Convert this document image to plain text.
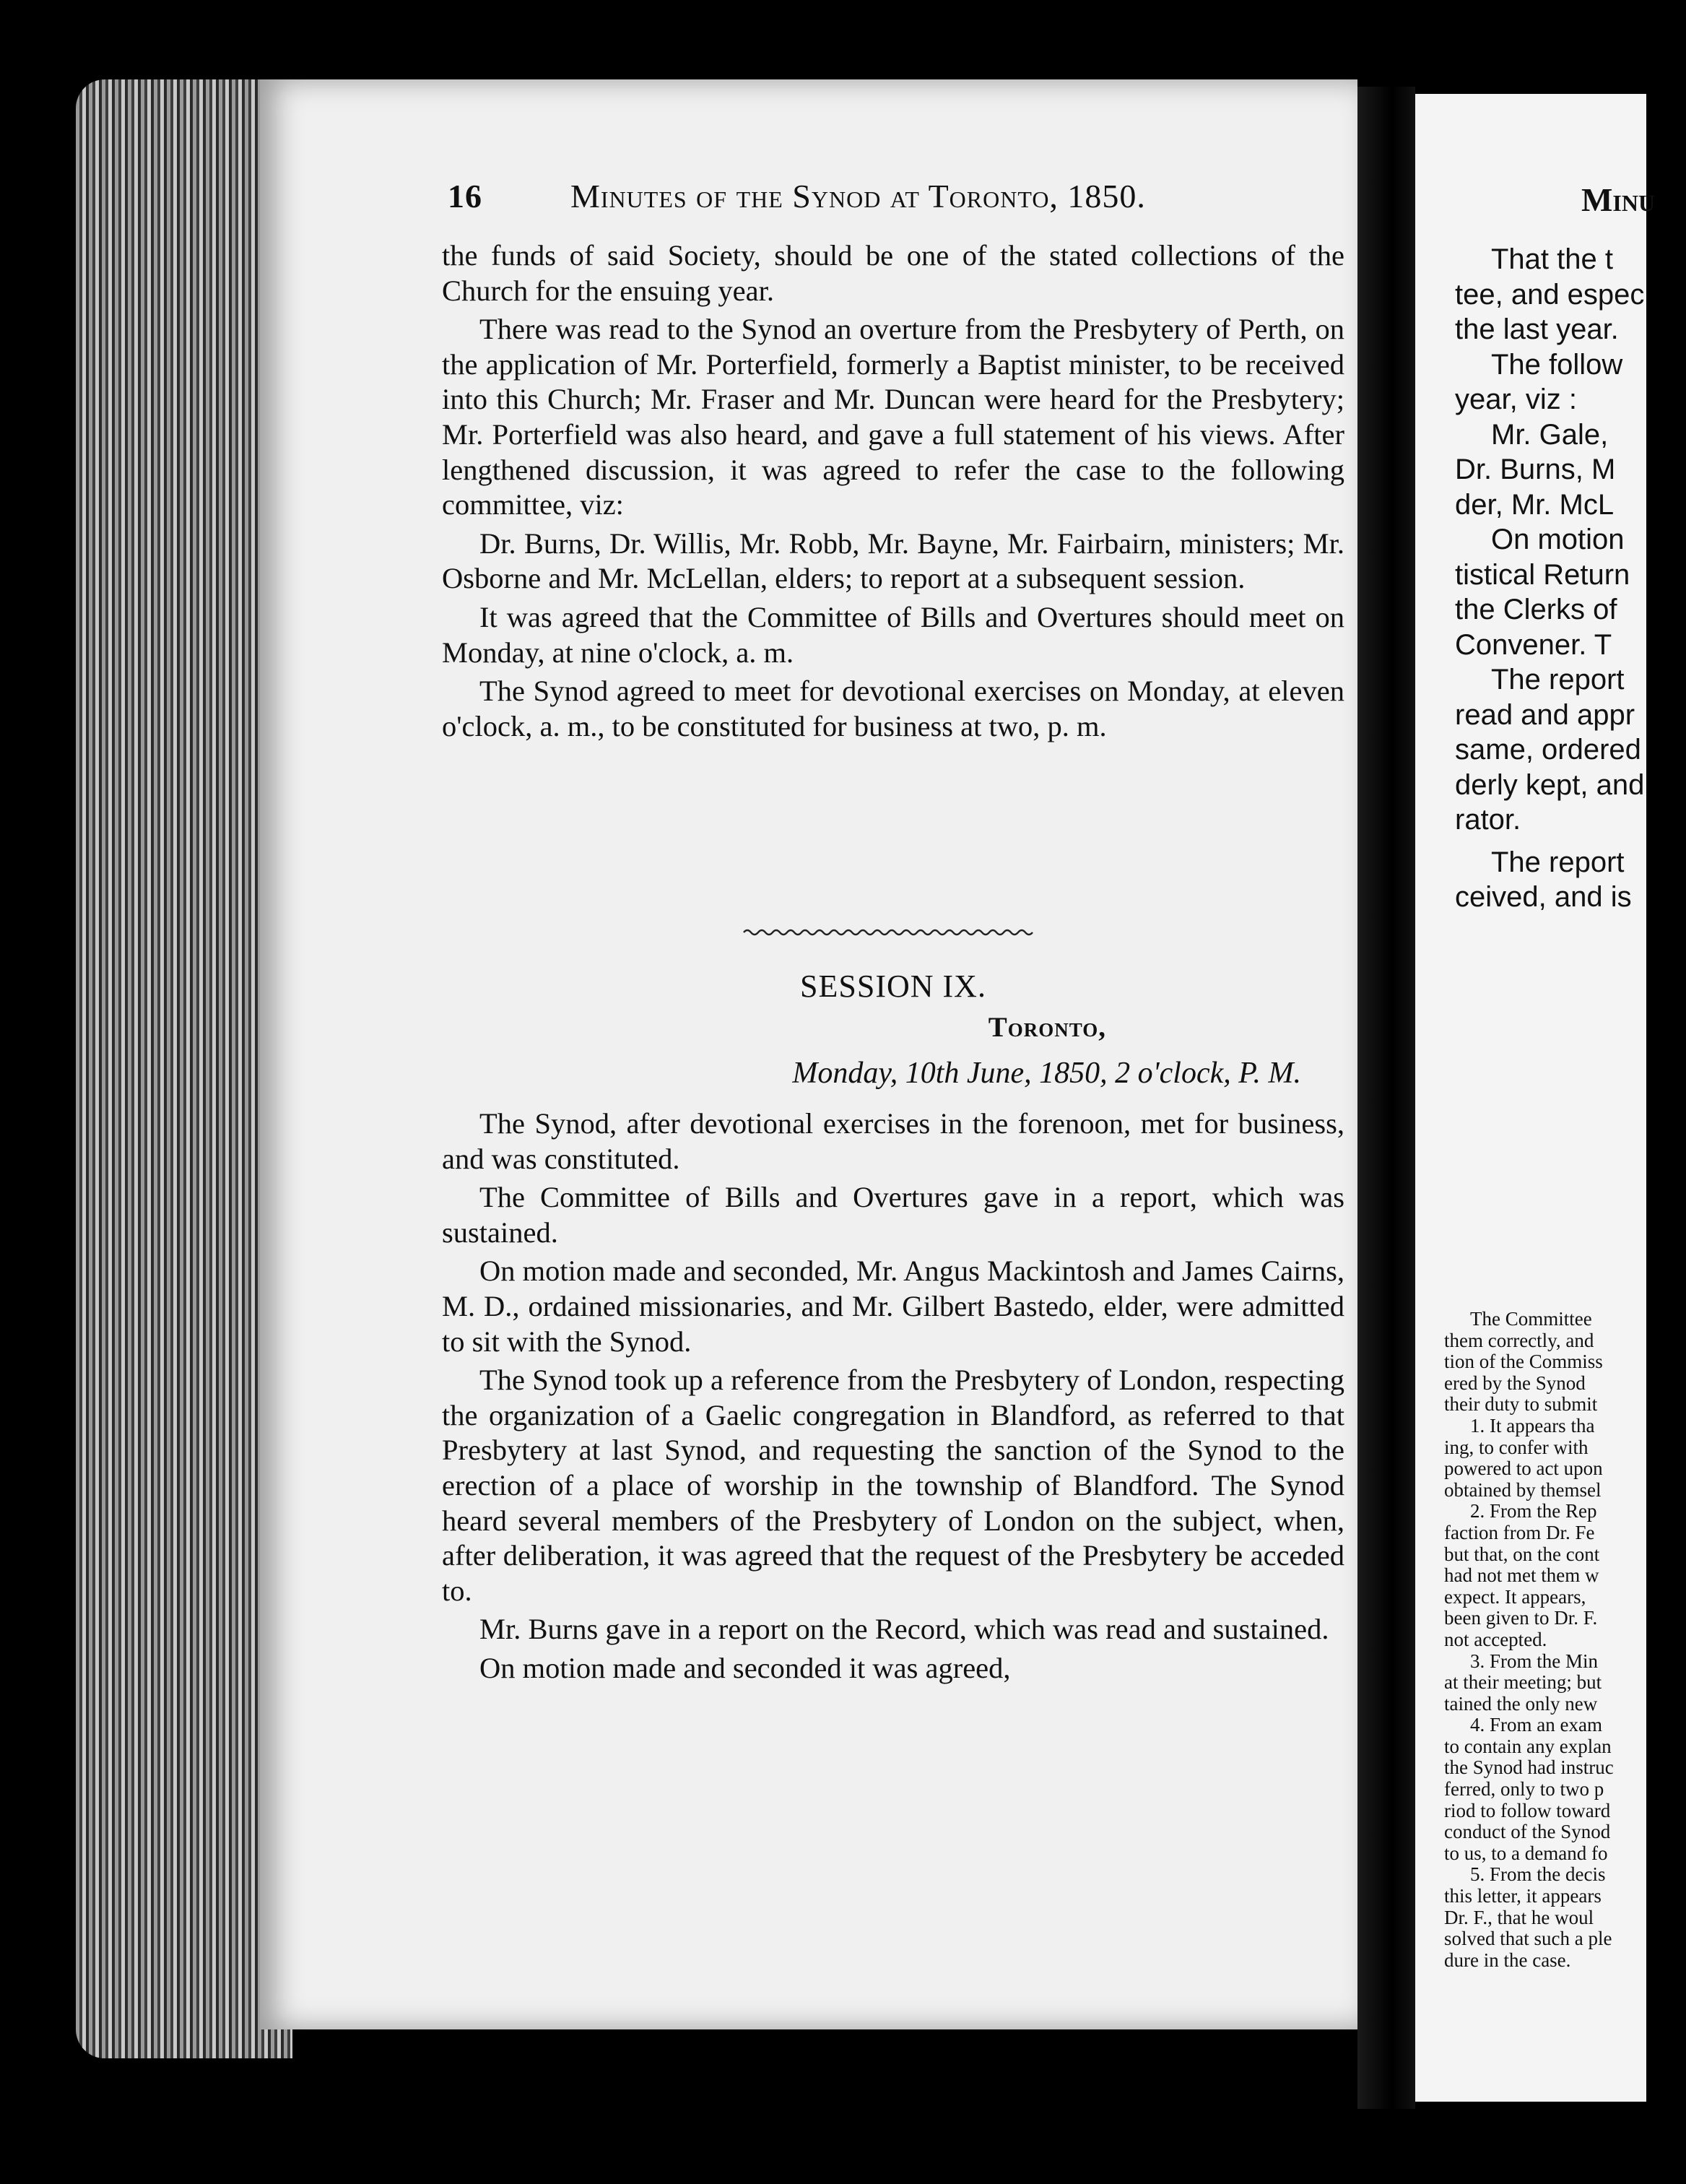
16	Minutes of the Synod at Toronto, 1850.

the funds of said Society, should be one of the stated collections of the Church for the ensuing year.

There was read to the Synod an overture from the Presbytery of Perth, on the application of Mr. Porterfield, formerly a Baptist minister, to be received into this Church; Mr. Fraser and Mr. Duncan were heard for the Presbytery; Mr. Porterfield was also heard, and gave a full statement of his views. After lengthened discussion, it was agreed to refer the case to the following committee, viz:

Dr. Burns, Dr. Willis, Mr. Robb, Mr. Bayne, Mr. Fairbairn, ministers; Mr. Osborne and Mr. McLellan, elders; to report at a subsequent session.

It was agreed that the Committee of Bills and Overtures should meet on Monday, at nine o'clock, a. m.

The Synod agreed to meet for devotional exercises on Monday, at eleven o'clock, a. m., to be constituted for business at two, p. m.

SESSION IX.
Toronto,
Monday, 10th June, 1850, 2 o'clock, P. M.

The Synod, after devotional exercises in the forenoon, met for business, and was constituted.

The Committee of Bills and Overtures gave in a report, which was sustained.

On motion made and seconded, Mr. Angus Mackintosh and James Cairns, M. D., ordained missionaries, and Mr. Gilbert Bastedo, elder, were admitted to sit with the Synod.

The Synod took up a reference from the Presbytery of London, respecting the organization of a Gaelic congregation in Blandford, as referred to that Presbytery at last Synod, and requesting the sanction of the Synod to the erection of a place of worship in the township of Blandford. The Synod heard several members of the Presbytery of London on the subject, when, after deliberation, it was agreed that the request of the Presbytery be acceded to.

Mr. Burns gave in a report on the Record, which was read and sustained.

On motion made and seconded it was agreed,

Minu
That the t
tee, and espec
the last year.
The follow
year, viz :
Mr. Gale,
Dr. Burns, M
der, Mr. McL
On motion
tistical Return
the Clerks of
Convener. T
The report
read and appr
same, ordered
derly kept, and
rator.
The report
ceived, and is
The Committee
them correctly, and
tion of the Commiss
ered by the Synod
their duty to submit
1. It appears tha
ing, to confer with
powered to act upon
obtained by themsel
2. From the Rep
faction from Dr. Fe
but that, on the cont
had not met them w
expect. It appears,
been given to Dr. F.
not accepted.
3. From the Min
at their meeting; but
tained the only new
4. From an exam
to contain any explan
the Synod had instruc
ferred, only to two p
riod to follow toward
conduct of the Synod
to us, to a demand fo
5. From the decis
this letter, it appears
Dr. F., that he woul
solved that such a ple
dure in the case.
